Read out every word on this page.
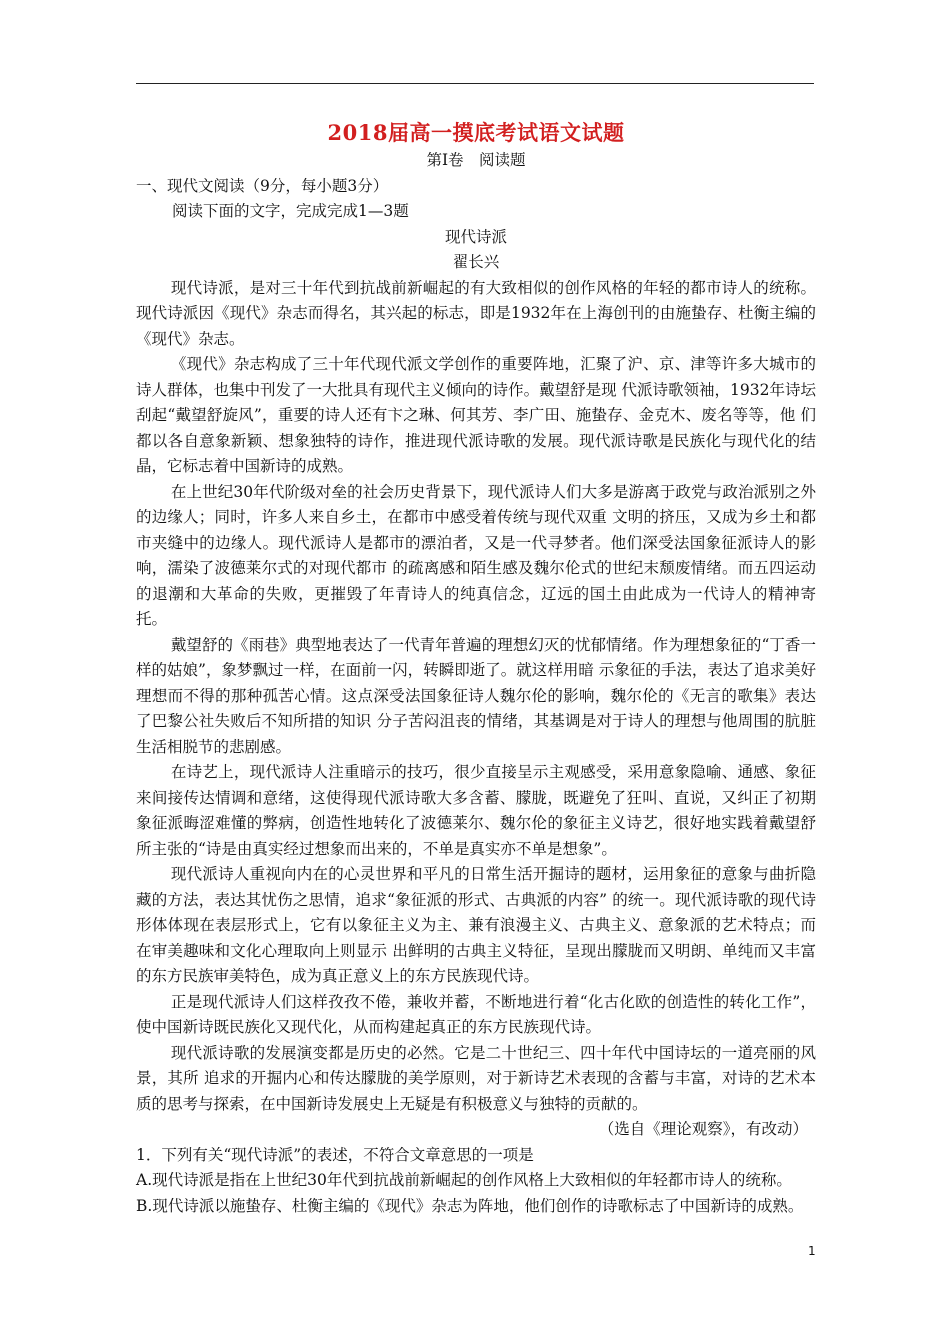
2018届高一摸底考试语文试题
第Ⅰ卷　阅读题
一、现代文阅读（9分，每小题3分）
阅读下面的文字，完成完成1—3题
现代诗派
翟长兴

现代诗派，是对三十年代到抗战前新崛起的有大致相似的创作风格的年轻的都市诗人的统称。现代诗派因《现代》杂志而得名，其兴起的标志，即是1932年在上海创刊的由施蛰存、杜衡主编的《现代》杂志。

《现代》杂志构成了三十年代现代派文学创作的重要阵地，汇聚了沪、京、津等许多大城市的诗人群体，也集中刊发了一大批具有现代主义倾向的诗作。戴望舒是现 代派诗歌领袖，1932年诗坛刮起“戴望舒旋风”，重要的诗人还有卞之琳、何其芳、李广田、施蛰存、金克木、废名等等，他 们都以各自意象新颖、想象独特的诗作，推进现代派诗歌的发展。现代派诗歌是民族化与现代化的结晶，它标志着中国新诗的成熟。

在上世纪30年代阶级对垒的社会历史背景下，现代派诗人们大多是游离于政党与政治派别之外的边缘人；同时，许多人来自乡土，在都市中感受着传统与现代双重 文明的挤压，又成为乡土和都市夹缝中的边缘人。现代派诗人是都市的漂泊者，又是一代寻梦者。他们深受法国象征派诗人的影响，濡染了波德莱尔式的对现代都市 的疏离感和陌生感及魏尔伦式的世纪末颓废情绪。而五四运动的退潮和大革命的失败，更摧毁了年青诗人的纯真信念，辽远的国土由此成为一代诗人的精神寄托。

戴望舒的《雨巷》典型地表达了一代青年普遍的理想幻灭的忧郁情绪。作为理想象征的“丁香一样的姑娘”，象梦飘过一样，在面前一闪，转瞬即逝了。就这样用暗 示象征的手法，表达了追求美好理想而不得的那种孤苦心情。这点深受法国象征诗人魏尔伦的影响，魏尔伦的《无言的歌集》表达了巴黎公社失败后不知所措的知识 分子苦闷沮丧的情绪，其基调是对于诗人的理想与他周围的肮脏生活相脱节的悲剧感。

在诗艺上，现代派诗人注重暗示的技巧，很少直接呈示主观感受，采用意象隐喻、通感、象征来间接传达情调和意绪，这使得现代派诗歌大多含蓄、朦胧，既避免了狂叫、直说，又纠正了初期象征派晦涩难懂的弊病，创造性地转化了波德莱尔、魏尔伦的象征主义诗艺，很好地实践着戴望舒所主张的“诗是由真实经过想象而出来的，不单是真实亦不单是想象”。

现代派诗人重视向内在的心灵世界和平凡的日常生活开掘诗的题材，运用象征的意象与曲折隐藏的方法，表达其忧伤之思情，追求“象征派的形式、古典派的内容” 的统一。现代派诗歌的现代诗形体体现在表层形式上，它有以象征主义为主、兼有浪漫主义、古典主义、意象派的艺术特点；而在审美趣味和文化心理取向上则显示 出鲜明的古典主义特征，呈现出朦胧而又明朗、单纯而又丰富的东方民族审美特色，成为真正意义上的东方民族现代诗。

正是现代派诗人们这样孜孜不倦，兼收并蓄，不断地进行着“化古化欧的创造性的转化工作”，使中国新诗既民族化又现代化，从而构建起真正的东方民族现代诗。

现代派诗歌的发展演变都是历史的必然。它是二十世纪三、四十年代中国诗坛的一道亮丽的风景，其所 追求的开掘内心和传达朦胧的美学原则，对于新诗艺术表现的含蓄与丰富，对诗的艺术本质的思考与探索，在中国新诗发展史上无疑是有积极意义与独特的贡献的。

（选自《理论观察》，有改动）
1．下列有关“现代诗派”的表述，不符合文章意思的一项是
A.现代诗派是指在上世纪30年代到抗战前新崛起的创作风格上大致相似的年轻都市诗人的统称。
B.现代诗派以施蛰存、杜衡主编的《现代》杂志为阵地，他们创作的诗歌标志了中国新诗的成熟。
1
